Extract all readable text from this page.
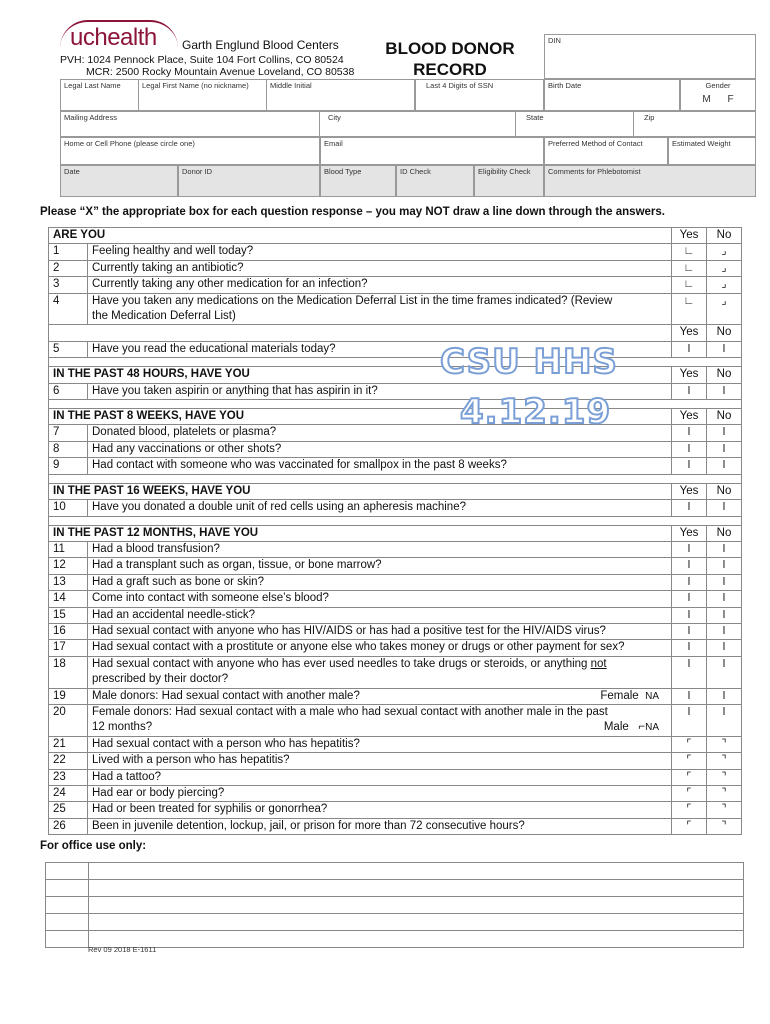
uchealth Garth Englund Blood Centers
PVH: 1024 Pennock Place, Suite 104 Fort Collins, CO 80524
MCR: 2500 Rocky Mountain Avenue Loveland, CO 80538
BLOOD DONOR
RECORD
DIN
Legal Last Name	Legal First Name (no nickname)	Middle Initial	Last 4 Digits of SSN	Birth Date	Gender
M F
Mailing Address	City	State	Zip
Home or Cell Phone (please circle one)	Email	Preferred Method of Contact	Estimated Weight
Date	Donor ID	Blood Type	ID Check	Eligibility Check	Comments for Phlebotomist
Please “X” the appropriate box for each question response – you may NOT draw a line down through the answers.
ARE YOU		Yes	No
1	Feeling healthy and well today?	∟	⌟
2	Currently taking an antibiotic?	∟	⌟
3	Currently taking any other medication for an infection?	∟	⌟
4	Have you taken any medications on the Medication Deferral List in the time frames indicated? (Review
the Medication Deferral List)	∟	⌟
		Yes	No
5	Have you read the educational materials today?	l	l

IN THE PAST 48 HOURS, HAVE YOU		Yes	No
6	Have you taken aspirin or anything that has aspirin in it?	l	l

IN THE PAST 8 WEEKS, HAVE YOU		Yes	No
7	Donated blood, platelets or plasma?	l	l
8	Had any vaccinations or other shots?	l	l
9	Had contact with someone who was vaccinated for smallpox in the past 8 weeks?	l	l

IN THE PAST 16 WEEKS, HAVE YOU		Yes	No
10	Have you donated a double unit of red cells using an apheresis machine?	l	l

IN THE PAST 12 MONTHS, HAVE YOU		Yes	No
11	Had a blood transfusion?	l	l
12	Had a transplant such as organ, tissue, or bone marrow?	l	l
13	Had a graft such as bone or skin?	l	l
14	Come into contact with someone else’s blood?	l	l
15	Had an accidental needle-stick?	l	l
16	Had sexual contact with anyone who has HIV/AIDS or has had a positive test for the HIV/AIDS virus?	l	l
17	Had sexual contact with a prostitute or anyone else who takes money or drugs or other payment for sex?	l	l
18	Had sexual contact with anyone who has ever used needles to take drugs or steroids, or anything not
prescribed by their doctor?	l	l
19	Male donors: Had sexual contact with another male? Female NA	l	l
20	Female donors: Had sexual contact with a male who had sexual contact with another male in the past
12 months? Male   ⌐NA	l	l
21	Had sexual contact with a person who has hepatitis?	⌜	⌝
22	Lived with a person who has hepatitis?	⌜	⌝
23	Had a tattoo?	⌜	⌝
24	Had ear or body piercing?	⌜	⌝
25	Had or been treated for syphilis or gonorrhea?	⌜	⌝
26	Been in juvenile detention, lockup, jail, or prison for more than 72 consecutive hours?	⌜	⌝
CSU HHS
4.12.19
For office use only:

Rev 09 2018 E-1611
